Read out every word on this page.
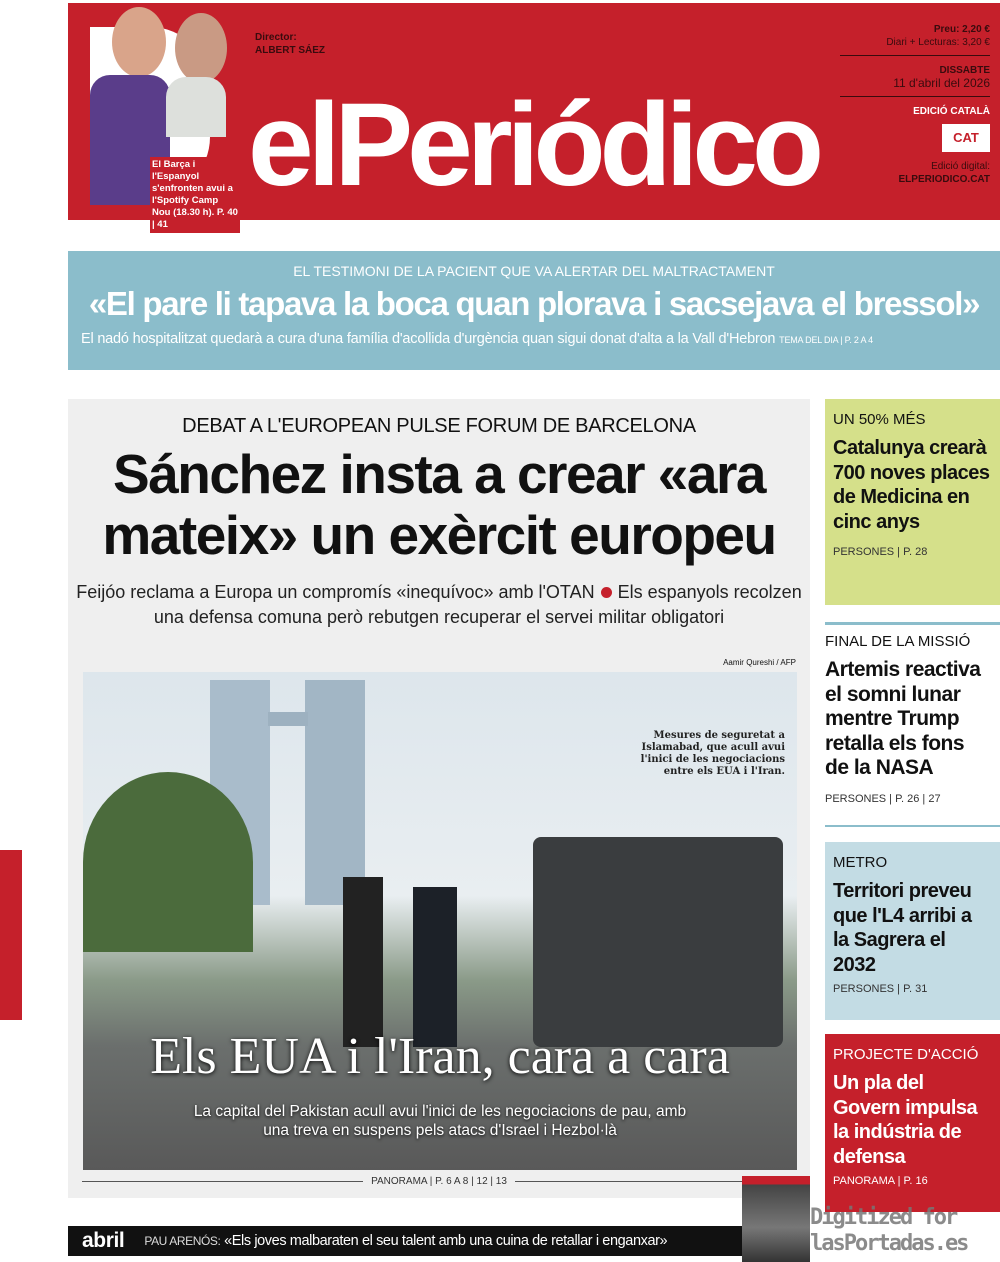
El Barça i l'Espanyol s'enfronten avui a l'Spotify Camp Nou (18.30 h). P. 40 | 41
Director:
ALBERT SÁEZ
elPeriódico
Preu: 2,20 €
Diari + Lecturas: 3,20 €
DISSABTE
11 d'abril del 2026
EDICIÓ CATALÀ
CAT
Edició digital:
ELPERIODICO.CAT
EL TESTIMONI DE LA PACIENT QUE VA ALERTAR DEL MALTRACTAMENT
«El pare li tapava la boca quan plorava i sacsejava el bressol»
El nadó hospitalitzat quedarà a cura d'una família d'acollida d'urgència quan sigui donat d'alta a la Vall d'Hebron TEMA DEL DIA | P. 2 A 4
DEBAT A L'EUROPEAN PULSE FORUM DE BARCELONA
Sánchez insta a crear «ara mateix» un exèrcit europeu
Feijóo reclama a Europa un compromís «inequívoc» amb l'OTAN Els espanyols recolzen una defensa comuna però rebutgen recuperar el servei militar obligatori
Aamir Qureshi / AFP
Mesures de seguretat a Islamabad, que acull avui l'inici de les negociacions entre els EUA i l'Iran.
Els EUA i l'Iran, cara a cara
La capital del Pakistan acull avui l'inici de les negociacions de pau, amb una treva en suspens pels atacs d'Israel i Hezbol·là
PANORAMA | P. 6 A 8 | 12 | 13
UN 50% MÉS
Catalunya crearà 700 noves places de Medicina en cinc anys
PERSONES | P. 28
FINAL DE LA MISSIÓ
Artemis reactiva el somni lunar mentre Trump retalla els fons de la NASA
PERSONES | P. 26 | 27
METRO
Territori preveu que l'L4 arribi a la Sagrera el 2032
PERSONES | P. 31
PROJECTE D'ACCIÓ
Un pla del Govern impulsa la indústria de defensa
PANORAMA | P. 16
abril PAU ARENÓS:
«Els joves malbaraten el seu talent amb una cuina de retallar i enganxar»
Digitized for lasPortadas.es
